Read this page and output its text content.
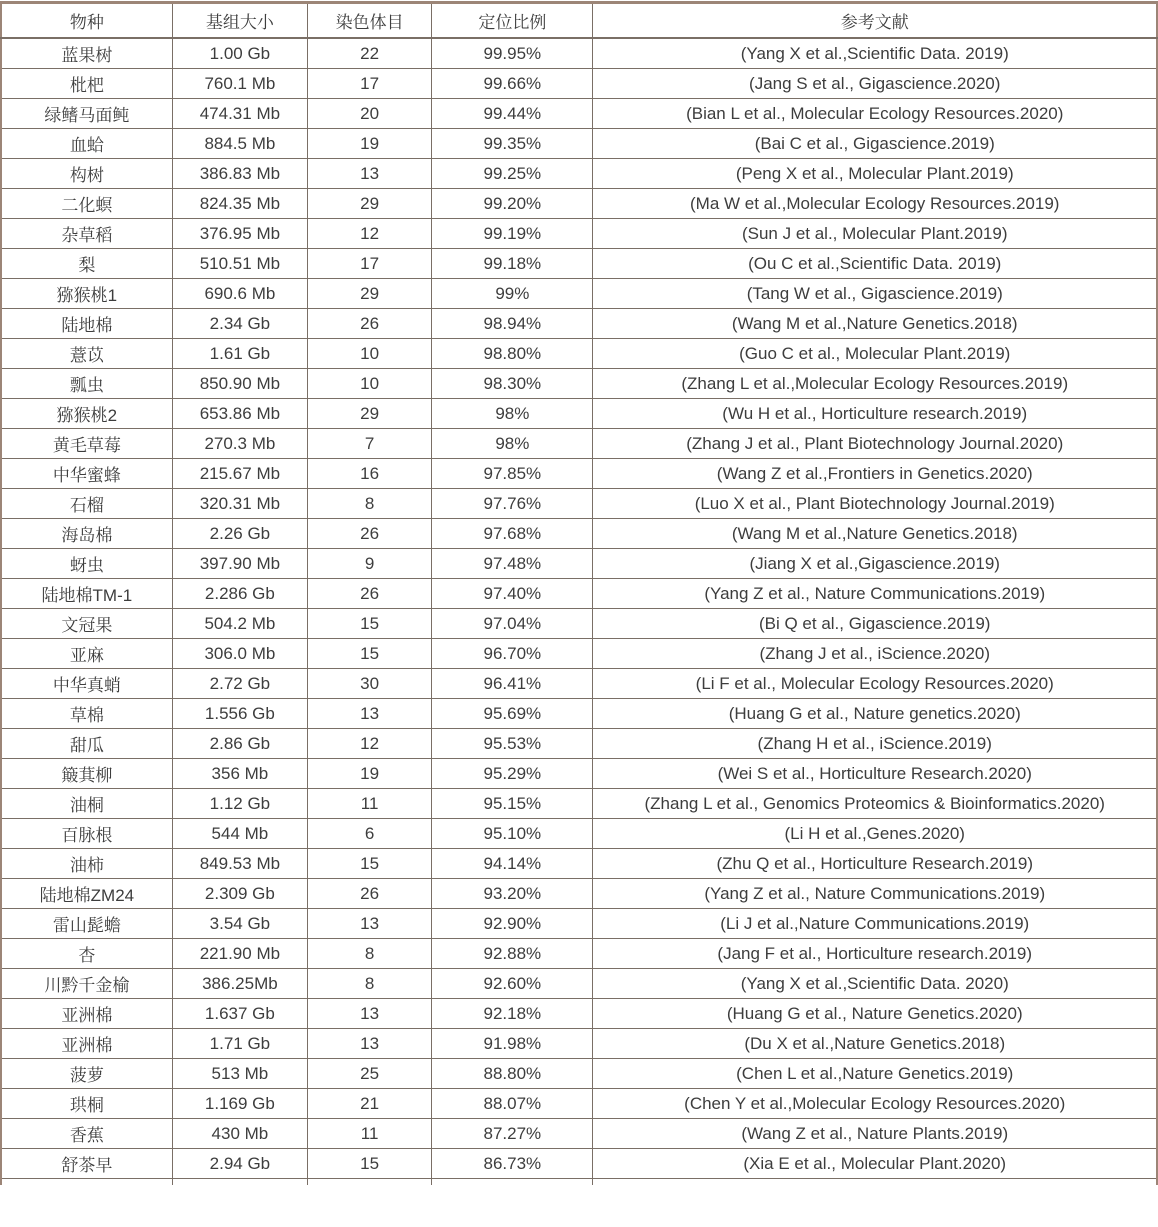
物种	基组大小	染色体目	定位比例	参考文献
蓝果树	1.00 Gb	22	99.95%	(Yang X et al.,Scientific Data. 2019)
枇杷	760.1 Mb	17	99.66%	(Jang S et al., Gigascience.2020)
绿鳍马面鲀	474.31 Mb	20	99.44%	(Bian L et al., Molecular Ecology Resources.2020)
血蛤	884.5 Mb	19	99.35%	(Bai C et al., Gigascience.2019)
构树	386.83 Mb	13	99.25%	(Peng X et al., Molecular Plant.2019)
二化螟	824.35 Mb	29	99.20%	(Ma W et al.,Molecular Ecology Resources.2019)
杂草稻	376.95 Mb	12	99.19%	(Sun J et al., Molecular Plant.2019)
梨	510.51 Mb	17	99.18%	(Ou C et al.,Scientific Data. 2019)
猕猴桃1	690.6 Mb	29	99%	(Tang W et al., Gigascience.2019)
陆地棉	2.34 Gb	26	98.94%	(Wang M et al.,Nature Genetics.2018)
薏苡	1.61 Gb	10	98.80%	(Guo C et al., Molecular Plant.2019)
瓢虫	850.90 Mb	10	98.30%	(Zhang L et al.,Molecular Ecology Resources.2019)
猕猴桃2	653.86 Mb	29	98%	(Wu H et al., Horticulture research.2019)
黄毛草莓	270.3 Mb	7	98%	(Zhang J et al., Plant Biotechnology Journal.2020)
中华蜜蜂	215.67 Mb	16	97.85%	(Wang Z et al.,Frontiers in Genetics.2020)
石榴	320.31 Mb	8	97.76%	(Luo X et al., Plant Biotechnology Journal.2019)
海岛棉	2.26 Gb	26	97.68%	(Wang M et al.,Nature Genetics.2018)
蚜虫	397.90 Mb	9	97.48%	(Jiang X et al.,Gigascience.2019)
陆地棉TM-1	2.286 Gb	26	97.40%	(Yang Z et al., Nature Communications.2019)
文冠果	504.2 Mb	15	97.04%	(Bi Q et al., Gigascience.2019)
亚麻	306.0 Mb	15	96.70%	(Zhang J et al., iScience.2020)
中华真蛸	2.72 Gb	30	96.41%	(Li F et al., Molecular Ecology Resources.2020)
草棉	1.556 Gb	13	95.69%	(Huang G et al., Nature genetics.2020)
甜瓜	2.86 Gb	12	95.53%	(Zhang H et al., iScience.2019)
簸萁柳	356 Mb	19	95.29%	(Wei S et al., Horticulture Research.2020)
油桐	1.12 Gb	11	95.15%	(Zhang L et al., Genomics Proteomics & Bioinformatics.2020)
百脉根	544 Mb	6	95.10%	(Li H et al.,Genes.2020)
油柿	849.53 Mb	15	94.14%	(Zhu Q et al., Horticulture Research.2019)
陆地棉ZM24	2.309 Gb	26	93.20%	(Yang Z et al., Nature Communications.2019)
雷山髭蟾	3.54 Gb	13	92.90%	(Li J et al.,Nature Communications.2019)
杏	221.90 Mb	8	92.88%	(Jang F et al., Horticulture research.2019)
川黔千金榆	386.25Mb	8	92.60%	(Yang X et al.,Scientific Data. 2020)
亚洲棉	1.637 Gb	13	92.18%	(Huang G et al., Nature Genetics.2020)
亚洲棉	1.71 Gb	13	91.98%	(Du X et al.,Nature Genetics.2018)
菠萝	513 Mb	25	88.80%	(Chen L et al.,Nature Genetics.2019)
珙桐	1.169 Gb	21	88.07%	(Chen Y et al.,Molecular Ecology Resources.2020)
香蕉	430 Mb	11	87.27%	(Wang Z et al., Nature Plants.2019)
舒茶早	2.94 Gb	15	86.73%	(Xia E et al., Molecular Plant.2020)
